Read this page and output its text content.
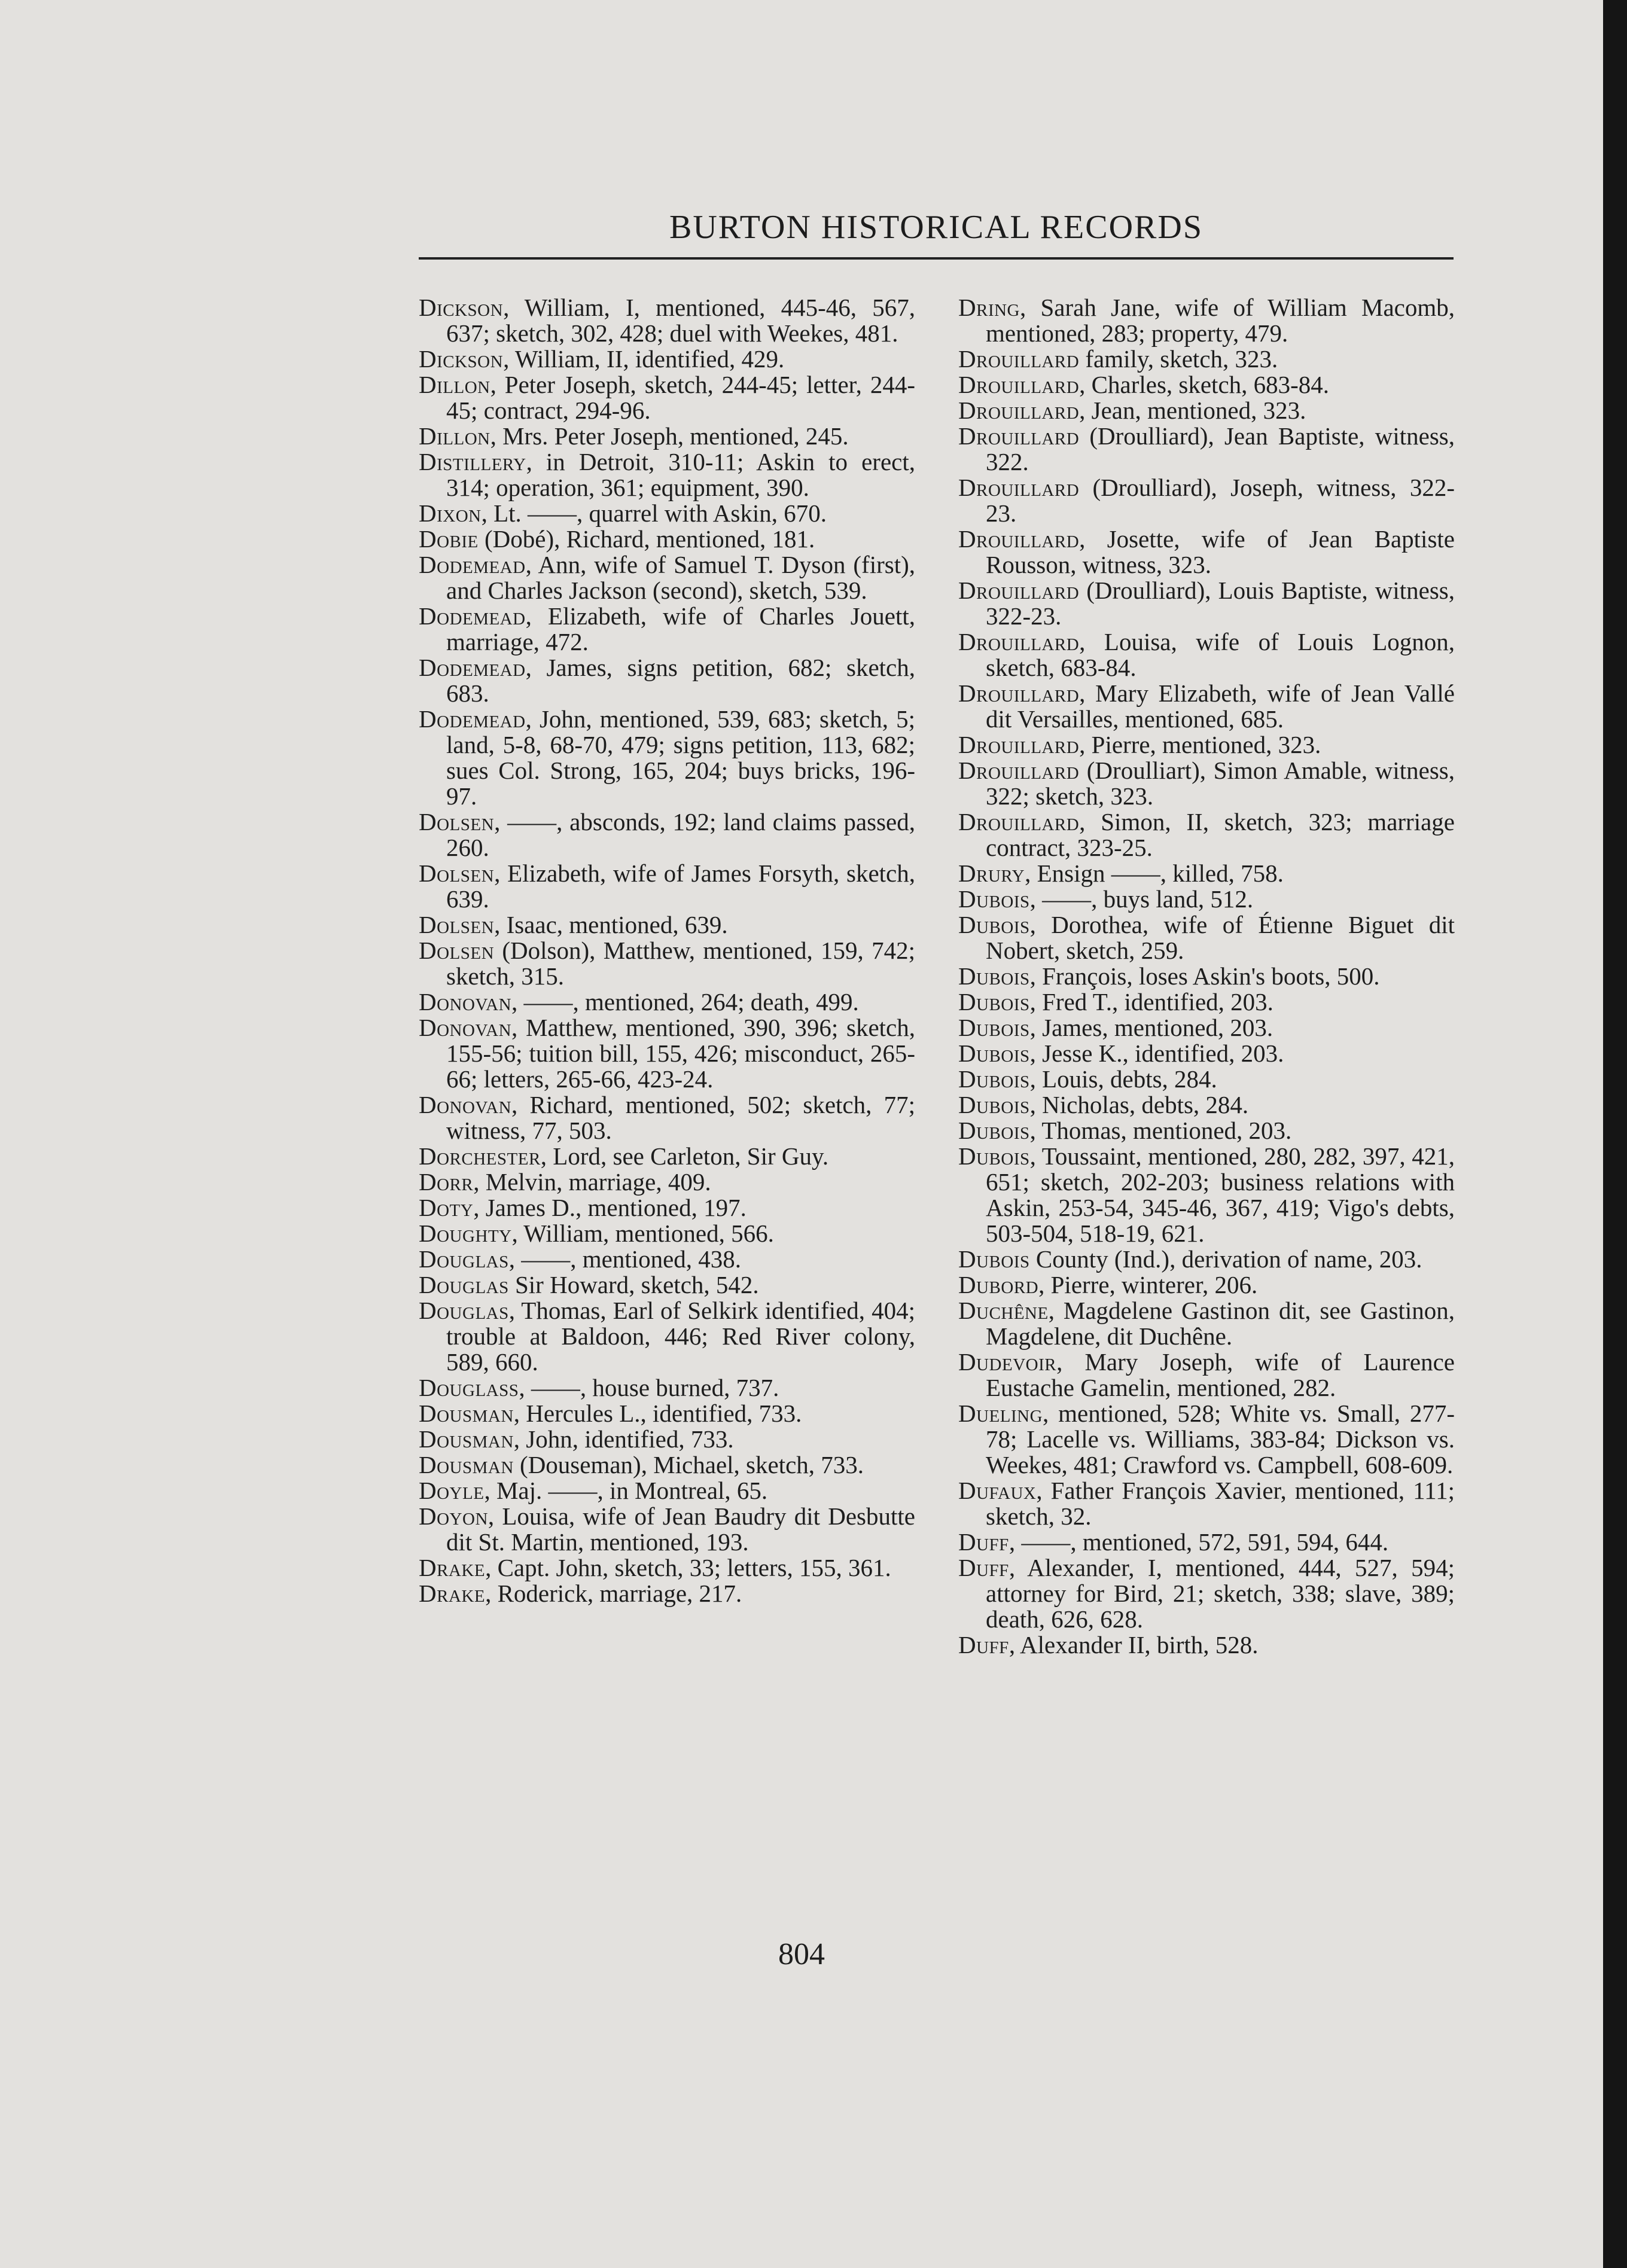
BURTON HISTORICAL RECORDS

Dickson, William, I, mentioned, 445-46, 567, 637; sketch, 302, 428; duel with Weekes, 481.

Dickson, William, II, identified, 429.

Dillon, Peter Joseph, sketch, 244-45; letter, 244-45; contract, 294-96.

Dillon, Mrs. Peter Joseph, mentioned, 245.

Distillery, in Detroit, 310-11; Askin to erect, 314; operation, 361; equipment, 390.

Dixon, Lt. ——, quarrel with Askin, 670.

Dobie (Dobé), Richard, mentioned, 181.

Dodemead, Ann, wife of Samuel T. Dyson (first), and Charles Jackson (second), sketch, 539.

Dodemead, Elizabeth, wife of Charles Jouett, marriage, 472.

Dodemead, James, signs petition, 682; sketch, 683.

Dodemead, John, mentioned, 539, 683; sketch, 5; land, 5-8, 68-70, 479; signs petition, 113, 682; sues Col. Strong, 165, 204; buys bricks, 196-97.

Dolsen, ——, absconds, 192; land claims passed, 260.

Dolsen, Elizabeth, wife of James Forsyth, sketch, 639.

Dolsen, Isaac, mentioned, 639.

Dolsen (Dolson), Matthew, mentioned, 159, 742; sketch, 315.

Donovan, ——, mentioned, 264; death, 499.

Donovan, Matthew, mentioned, 390, 396; sketch, 155-56; tuition bill, 155, 426; misconduct, 265-66; letters, 265-66, 423-24.

Donovan, Richard, mentioned, 502; sketch, 77; witness, 77, 503.

Dorchester, Lord, see Carleton, Sir Guy.

Dorr, Melvin, marriage, 409.

Doty, James D., mentioned, 197.

Doughty, William, mentioned, 566.

Douglas, ——, mentioned, 438.

Douglas Sir Howard, sketch, 542.

Douglas, Thomas, Earl of Selkirk identified, 404; trouble at Baldoon, 446; Red River colony, 589, 660.

Douglass, ——, house burned, 737.

Dousman, Hercules L., identified, 733.

Dousman, John, identified, 733.

Dousman (Douseman), Michael, sketch, 733.

Doyle, Maj. ——, in Montreal, 65.

Doyon, Louisa, wife of Jean Baudry dit Desbutte dit St. Martin, mentioned, 193.

Drake, Capt. John, sketch, 33; letters, 155, 361.

Drake, Roderick, marriage, 217.

Dring, Sarah Jane, wife of William Macomb, mentioned, 283; property, 479.

Drouillard family, sketch, 323.

Drouillard, Charles, sketch, 683-84.

Drouillard, Jean, mentioned, 323.

Drouillard (Droulliard), Jean Baptiste, witness, 322.

Drouillard (Droulliard), Joseph, witness, 322-23.

Drouillard, Josette, wife of Jean Baptiste Rousson, witness, 323.

Drouillard (Droulliard), Louis Baptiste, witness, 322-23.

Drouillard, Louisa, wife of Louis Lognon, sketch, 683-84.

Drouillard, Mary Elizabeth, wife of Jean Vallé dit Versailles, mentioned, 685.

Drouillard, Pierre, mentioned, 323.

Drouillard (Droulliart), Simon Amable, witness, 322; sketch, 323.

Drouillard, Simon, II, sketch, 323; marriage contract, 323-25.

Drury, Ensign ——, killed, 758.

Dubois, ——, buys land, 512.

Dubois, Dorothea, wife of Étienne Biguet dit Nobert, sketch, 259.

Dubois, François, loses Askin's boots, 500.

Dubois, Fred T., identified, 203.

Dubois, James, mentioned, 203.

Dubois, Jesse K., identified, 203.

Dubois, Louis, debts, 284.

Dubois, Nicholas, debts, 284.

Dubois, Thomas, mentioned, 203.

Dubois, Toussaint, mentioned, 280, 282, 397, 421, 651; sketch, 202-203; business relations with Askin, 253-54, 345-46, 367, 419; Vigo's debts, 503-504, 518-19, 621.

Dubois County (Ind.), derivation of name, 203.

Dubord, Pierre, winterer, 206.

Duchêne, Magdelene Gastinon dit, see Gastinon, Magdelene, dit Duchêne.

Dudevoir, Mary Joseph, wife of Laurence Eustache Gamelin, mentioned, 282.

Dueling, mentioned, 528; White vs. Small, 277-78; Lacelle vs. Williams, 383-84; Dickson vs. Weekes, 481; Crawford vs. Campbell, 608-609.

Dufaux, Father François Xavier, mentioned, 111; sketch, 32.

Duff, ——, mentioned, 572, 591, 594, 644.

Duff, Alexander, I, mentioned, 444, 527, 594; attorney for Bird, 21; sketch, 338; slave, 389; death, 626, 628.

Duff, Alexander II, birth, 528.

804
